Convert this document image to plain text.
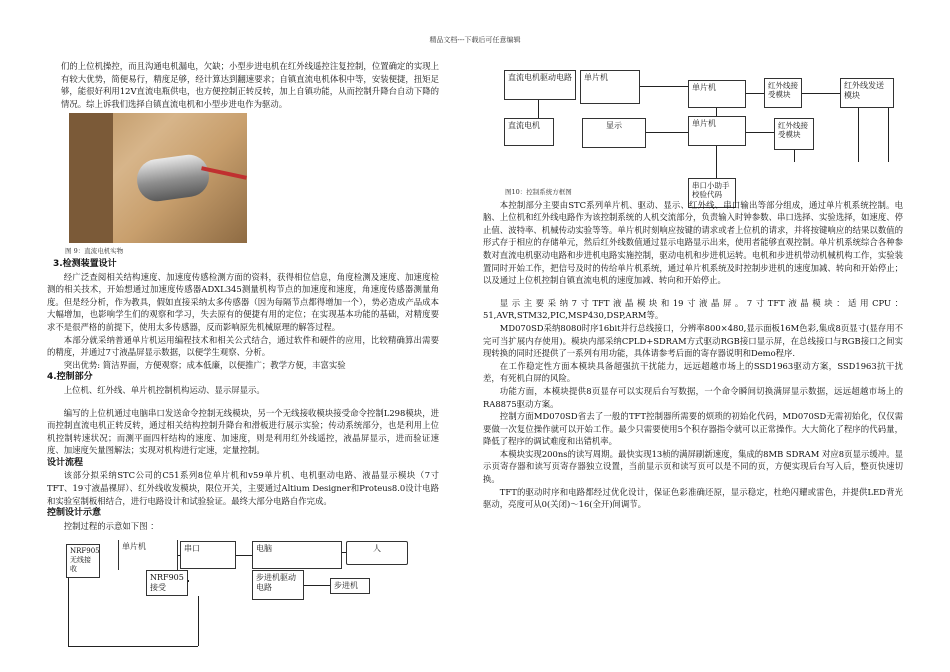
精品文档---下载后可任意编辑

们的上位机操控，而且沟通电机漏电，欠缺；小型步进电机在红外线遥控注复控制，位置确定的实现上有较大优势，简便易行，精度足够，经计算达到翻速要求；自镇直流电机体积中等，安装便捷，扭矩足够，能很好利用12V直流电瓶供电，也方便控制正转反转，加上自镇功能，从而控制升降台自动下降的情况。综上诉我们选择自镇直流电机和小型步进电作为驱动。

图 9：直流电机实物

3.检测装置设计

经广泛查阅相关结构速度、加速度传感检测方面的资料，获得相位信息，角度检测及速度、加速度检测的相关技术，开始想通过加速度传感器ADXL345测量机构节点的加速度和速度，角速度传感器测量角度。但是经分析，作为教具，假如直接采纳太多传感器（因为每隔节点都得增加一个），势必造成产品成本大幅增加，也影响学生们的观察和学习，失去原有的便捷有用的定位；在实现基本功能的基础，对精度要求不是很严格的前提下，使用太多传感器，反而影响原先机械原理的解答过程。

本部分就采纳普通单片机运用编程技术和相关公式结合，通过软件和硬件的应用，比较精确算出需要的精度，并通过7寸液晶屏显示数据，以便学生观察、分析。

突出优势: 简洁界面，方便观察；成本低廉，以便推广；教学方便，丰富实验

4.控制部分

上位机、红外线、单片机控制机构运动、显示屏显示。

编写的上位机通过电脑串口发送命令控制无线模块，另一个无线接收模块接受命令控制L298模块，进而控制直流电机正转反转，通过相关结构控制升降台和滑板进行展示实验；传动系统部分，也是利用上位机控制转速状况；而测平面四杆结构的速度、加速度，则是利用红外线遥控，液晶屏显示，进而验证速度、加速度矢量图解法；实现对机构进行定速，定量控制。

设计流程

该部分拟采纳STC公司的C51系列8位单片机和v59单片机、电机驱动电路、液晶显示模块（7寸TFT、19寸液晶裸屏）、红外线收发模块，限位开关，主要通过Altium Designer和Proteus8.0设计电路和实验室制板相结合，进行电路设计和试验验证。最终大部分电路自作完成。

控制设计示意

控制过程的示意如下图 ：

NRF905 无线接收
单片机	串口	电脑	人
NRF905 接受
步进机驱动电路	步进机
直流电机驱动电路	单片机
单片机	红外线接受模块
红外线发送模块
直流电机	显示	单片机	红外线接受模块
串口小助手校验代码

图10：控制系统方框图

本控制部分主要由STC系列单片机、驱动、显示、红外线、串口输出等部分组成，通过单片机系统控制。电脑、上位机和红外线电路作为该控制系统的人机交流部分，负责输入时钟参数、串口选择、实验选择，如速度、停止值、波特率、机械传动实验等等。单片机时刻响应按键的请求或者上位机的请求，并将按键响应的结果以数值的形式存于相应的存储单元，然后红外线数值通过显示电路显示出来，使用者能够直观控制。单片机系统综合各种参数对直流电机驱动电路和步进机电路实施控制，驱动电机和步进机运转。电机和步进机带动机械机构工作，实验装置同时开始工作，把信号及时的传给单片机系统，通过单片机系统及时控制步进机的速度加减、转向和开始停止；以及通过上位机控制自镇直流电机的速度加减、转向和开始停止。

显示主要采纳7寸TFT液晶模块和19寸液晶屏。7寸TFT液晶模块：适用CPU：51,AVR,STM32,PIC,MSP430,DSP,ARM等。

MD070SD采纳8080时序16bit并行总线接口，分辨率800×480,显示面板16M色彩,集成8页显寸(显存用不完可当扩展内存使用)。模块内部采纳CPLD+SDRAM方式驱动RGB接口显示屏，在总线接口与RGB接口之间实现转换的同时还提供了一系列有用功能，具体请参考后面的寄存器说明和Demo程序.

在工作稳定性方面本模块具备超强抗干扰能力，远远超越市场上的SSD1963驱动方案，SSD1963抗干扰差，有死机白屏的风险。

功能方面，本模块提供8页显存可以实现后台写数据，一个命令瞬间切换满屏显示数据，远远超越市场上的 RA8875驱动方案。

控制方面MD070SD省去了一般的TFT控制器所需要的烦琐的初始化代码，MD070SD无需初始化，仅仅需要做一次复位操作就可以开始工作。最少只需要使用5个积存器指令就可以正常操作。大大简化了程序的代码量，降低了程序的调试难度和出错机率。

本模块实现200ns的读写周期。最快实现13桢的满屏刷新速度，集成的8MB SDRAM 对应8页显示缓冲。显示页寄存器和读写页寄存器独立设置，当前显示页和读写页可以是不同的页，方便实现后台写入后，整页快速切换。

TFT的驱动时序和电路都经过优化设计，保证色彩准确还原，显示稳定，杜绝闪耀或雷色，并提供LED背光驱动，亮度可从0(关闭)～16(全开)间调节。
